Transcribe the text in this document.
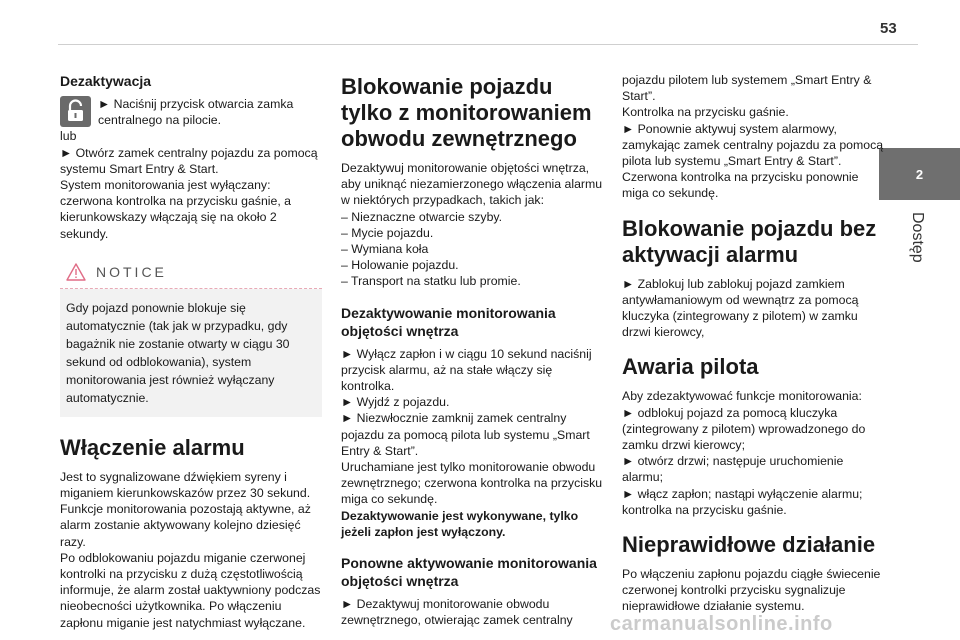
53
2
Dostęp
Dezaktywacja

► Naciśnij przycisk otwarcia zamka

centralnego na pilocie.

lub

► Otwórz zamek centralny pojazdu za pomocą systemu Smart Entry & Start.

System monitorowania jest wyłączany: czerwona kontrolka na przycisku gaśnie, a kierunkowskazy włączają się na około 2 sekundy.

NOTICE
Gdy pojazd ponownie blokuje się automatycznie (tak jak w przypadku, gdy bagażnik nie zostanie otwarty w ciągu 30 sekund od odblokowania), system monitorowania jest również wyłączany automatycznie.
Włączenie alarmu

Jest to sygnalizowane dźwiękiem syreny i miganiem kierunkowskazów przez 30 sekund.

Funkcje monitorowania pozostają aktywne, aż alarm zostanie aktywowany kolejno dziesięć razy.

Po odblokowaniu pojazdu miganie czerwonej kontrolki na przycisku z dużą częstotliwością informuje, że alarm został uaktywniony podczas nieobecności użytkownika. Po włączeniu zapłonu miganie jest natychmiast wyłączane.

Blokowanie pojazdu tylko z monitorowaniem obwodu zewnętrznego

Dezaktywuj monitorowanie objętości wnętrza, aby uniknąć niezamierzonego włączenia alarmu w niektórych przypadkach, takich jak:

– Nieznaczne otwarcie szyby.

– Mycie pojazdu.

– Wymiana koła

– Holowanie pojazdu.

– Transport na statku lub promie.

Dezaktywowanie monitorowania objętości wnętrza

► Wyłącz zapłon i w ciągu 10 sekund naciśnij przycisk alarmu, aż na stałe włączy się kontrolka.

► Wyjdź z pojazdu.

► Niezwłocznie zamknij zamek centralny pojazdu za pomocą pilota lub systemu „Smart Entry & Start”.

Uruchamiane jest tylko monitorowanie obwodu zewnętrznego; czerwona kontrolka na przycisku miga co sekundę.

Dezaktywowanie jest wykonywane, tylko jeżeli zapłon jest wyłączony.

Ponowne aktywowanie monitorowania objętości wnętrza

► Dezaktywuj monitorowanie obwodu zewnętrznego, otwierając zamek centralny

pojazdu pilotem lub systemem „Smart Entry & Start”.

Kontrolka na przycisku gaśnie.

► Ponownie aktywuj system alarmowy, zamykając zamek centralny pojazdu za pomocą pilota lub systemu „Smart Entry & Start”.

Czerwona kontrolka na przycisku ponownie miga co sekundę.

Blokowanie pojazdu bez aktywacji alarmu

► Zablokuj lub zablokuj pojazd zamkiem antywłamaniowym od wewnątrz za pomocą kluczyka (zintegrowany z pilotem) w zamku drzwi kierowcy,

Awaria pilota

Aby zdezaktywować funkcje monitorowania:

► odblokuj pojazd za pomocą kluczyka (zintegrowany z pilotem) wprowadzonego do zamku drzwi kierowcy;

► otwórz drzwi; następuje uruchomienie alarmu;

► włącz zapłon; nastąpi wyłączenie alarmu; kontrolka na przycisku gaśnie.

Nieprawidłowe działanie

Po włączeniu zapłonu pojazdu ciągłe świecenie czerwonej kontrolki przycisku sygnalizuje nieprawidłowe działanie systemu.

carmanualsonline.info
